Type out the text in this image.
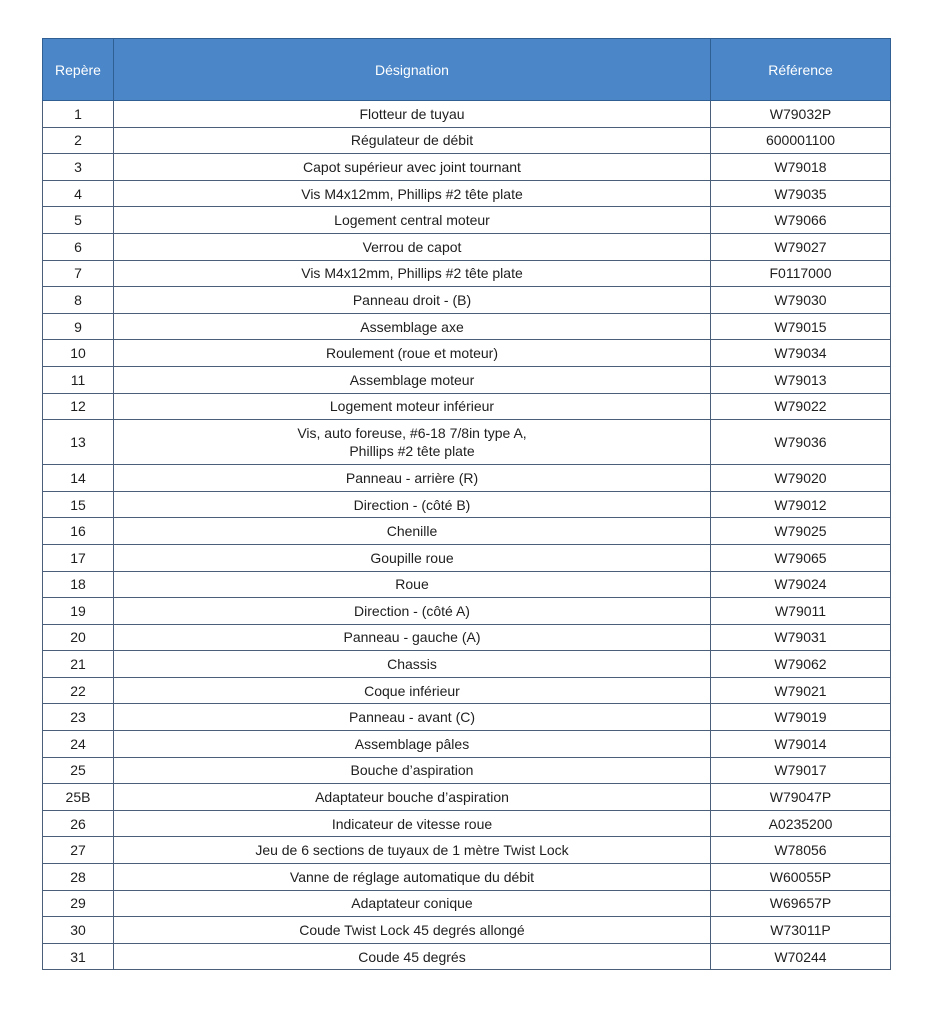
Repère	Désignation	Référence
1	Flotteur de tuyau	W79032P
2	Régulateur de débit	600001100
3	Capot supérieur avec joint tournant	W79018
4	Vis M4x12mm, Phillips #2 tête plate	W79035
5	Logement central moteur	W79066
6	Verrou de capot	W79027
7	Vis M4x12mm, Phillips #2 tête plate	F0117000
8	Panneau droit - (B)	W79030
9	Assemblage axe	W79015
10	Roulement (roue et moteur)	W79034
11	Assemblage moteur	W79013
12	Logement moteur inférieur	W79022
13	Vis, auto foreuse, #6-18 7/8in type A,
Phillips #2 tête plate	W79036
14	Panneau - arrière (R)	W79020
15	Direction - (côté B)	W79012
16	Chenille	W79025
17	Goupille roue	W79065
18	Roue	W79024
19	Direction - (côté A)	W79011
20	Panneau - gauche (A)	W79031
21	Chassis	W79062
22	Coque inférieur	W79021
23	Panneau - avant (C)	W79019
24	Assemblage pâles	W79014
25	Bouche d’aspiration	W79017
25B	Adaptateur bouche d’aspiration	W79047P
26	Indicateur de vitesse roue	A0235200
27	Jeu de 6 sections de tuyaux de 1 mètre Twist Lock	W78056
28	Vanne de réglage automatique du débit	W60055P
29	Adaptateur conique	W69657P
30	Coude Twist Lock 45 degrés allongé	W73011P
31	Coude 45 degrés	W70244
